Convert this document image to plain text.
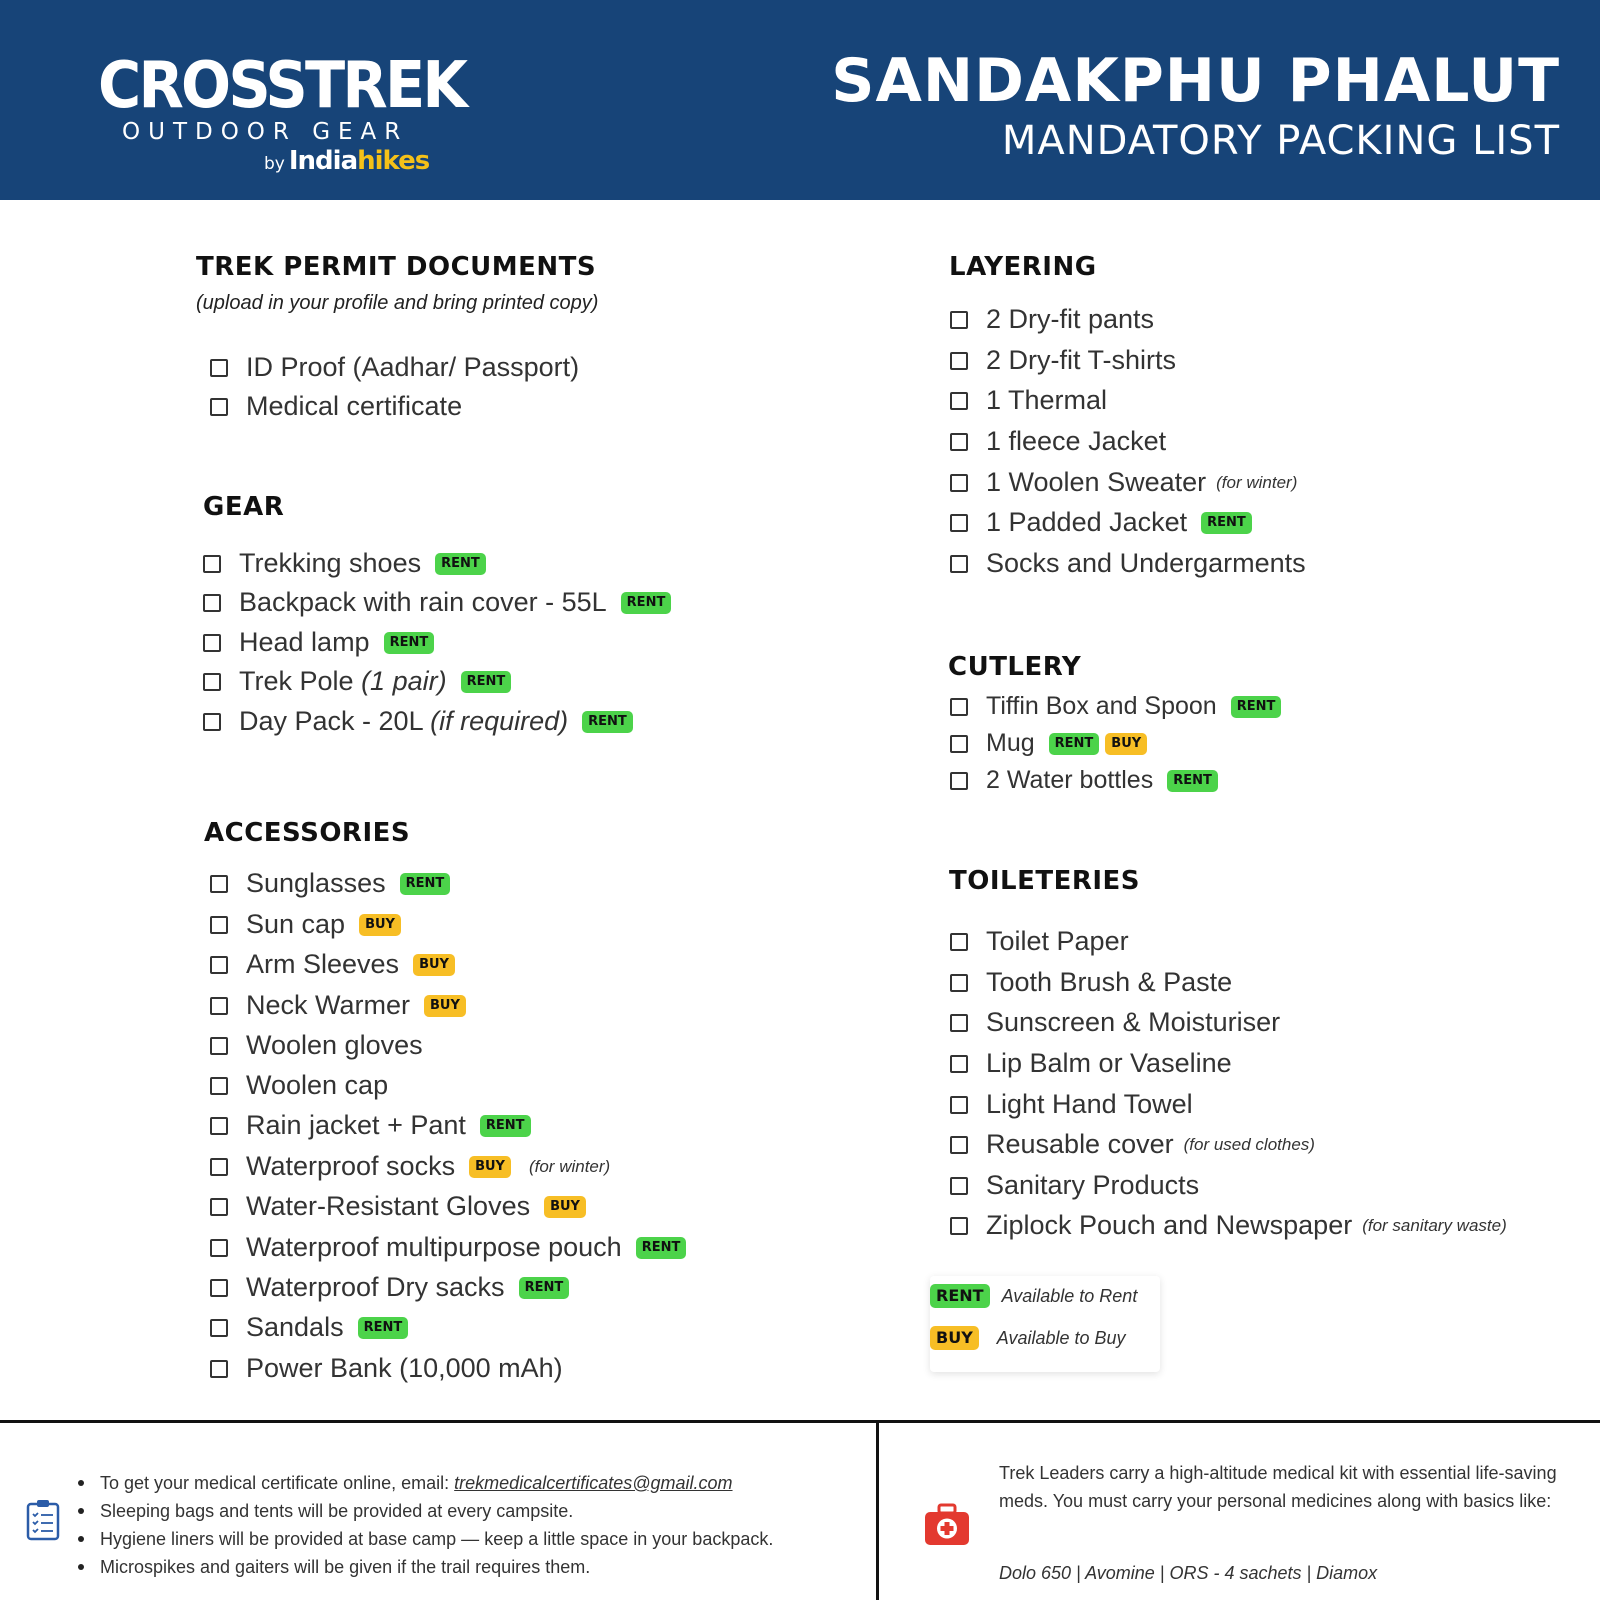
CROSSTREK
OUTDOOR GEAR
by Indiahikes
SANDAKPHU PHALUT
MANDATORY PACKING LIST
TREK PERMIT DOCUMENTS
(upload in your profile and bring printed copy)
ID Proof (Aadhar/ Passport)
Medical certificate
GEAR
Trekking shoes	RENT
Backpack with rain cover - 55L	RENT
Head lamp	RENT
Trek Pole (1 pair)	RENT
Day Pack - 20L (if required)	RENT
ACCESSORIES
Sunglasses	RENT
Sun cap	BUY
Arm Sleeves	BUY
Neck Warmer	BUY
Woolen gloves
Woolen cap
Rain jacket + Pant	RENT
Waterproof socks	BUY	(for winter)
Water-Resistant Gloves	BUY
Waterproof multipurpose pouch	RENT
Waterproof Dry sacks	RENT
Sandals	RENT
Power Bank (10,000 mAh)
LAYERING
2 Dry-fit pants
2 Dry-fit T-shirts
1 Thermal
1 fleece Jacket
1 Woolen Sweater (for winter)
1 Padded Jacket	RENT
Socks and Undergarments
CUTLERY
Tiffin Box and Spoon	RENT
Mug	RENT	BUY
2 Water bottles	RENT
TOILETERIES
Toilet Paper
Tooth Brush & Paste
Sunscreen & Moisturiser
Lip Balm or Vaseline
Light Hand Towel
Reusable cover (for used clothes)
Sanitary Products
Ziplock Pouch and Newspaper (for sanitary waste)
RENT	Available to Rent
BUY	Available to Buy
To get your medical certificate online, email: trekmedicalcertificates@gmail.com
Sleeping bags and tents will be provided at every campsite.
Hygiene liners will be provided at base camp — keep a little space in your backpack.
Microspikes and gaiters will be given if the trail requires them.
Trek Leaders carry a high-altitude medical kit with essential life-saving meds. You must carry your personal medicines along with basics like:
Dolo 650 | Avomine | ORS - 4 sachets | Diamox
